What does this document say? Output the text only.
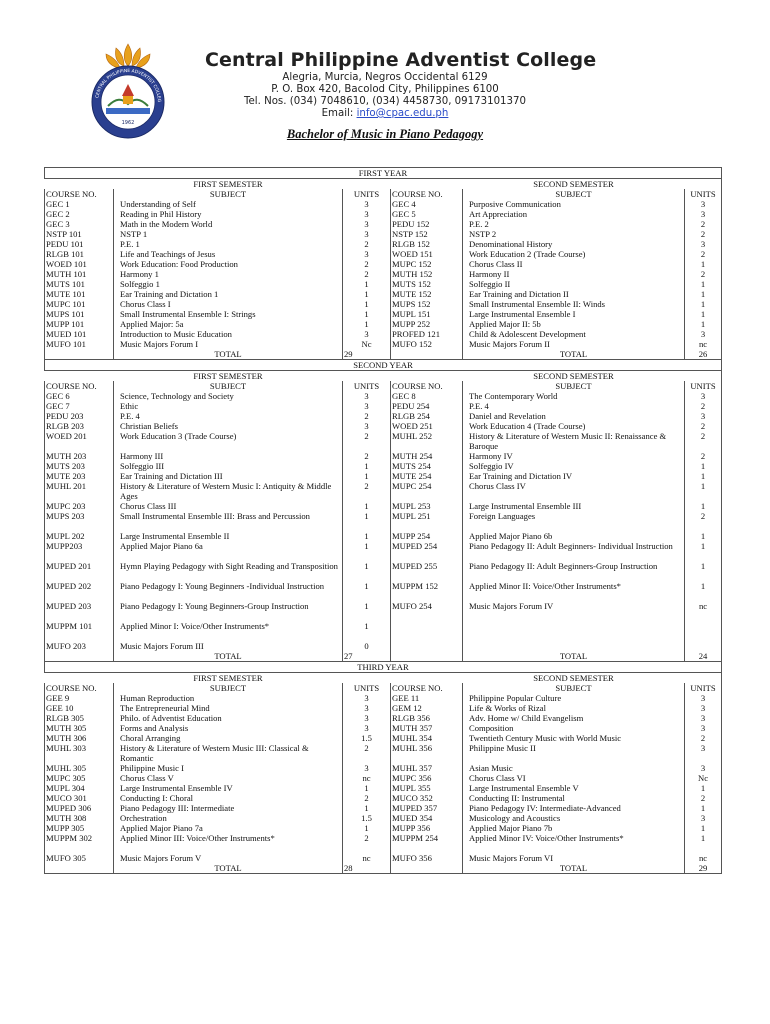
1962
CENTRAL PHILIPPINE ADVENTIST COLLEG
Central Philippine Adventist College
Alegria, Murcia, Negros Occidental 6129
P. O. Box 420, Bacolod City, Philippines 6100
Tel. Nos. (034) 7048610, (034) 4458730, 09173101370
Email: info@cpac.edu.ph
Bachelor of Music in Piano Pedagogy
FIRST YEAR					
	FIRST SEMESTER			SECOND SEMESTER	
COURSE NO.	SUBJECT	UNITS	COURSE NO.	SUBJECT	UNITS
GEC 1	Understanding of Self	3	GEC 4	Purposive Communication	3
GEC 2	Reading in Phil History	3	GEC 5	Art Appreciation	3
GEC 3	Math in the Modern World	3	PEDU 152	P.E. 2	2
NSTP 101	NSTP 1	3	NSTP 152	NSTP 2	2
PEDU 101	P.E. 1	2	RLGB 152	Denominational History	3
RLGB 101	Life and Teachings of Jesus	3	WOED 151	Work Education 2 (Trade Course)	2
WOED 101	Work Education: Food Production	2	MUPC 152	Chorus Class II	1
MUTH 101	Harmony 1	2	MUTH 152	Harmony II	2
MUTS 101	Solfeggio 1	1	MUTS 152	Solfeggio II	1
MUTE 101	Ear Training and Dictation 1	1	MUTE 152	Ear Training and Dictation II	1
MUPC 101	Chorus Class I	1	MUPS 152	Small Instrumental Ensemble II: Winds	1
MUPS 101	Small Instrumental Ensemble I: Strings	1	MUPL 151	Large Instrumental Ensemble I	1
MUPP 101	Applied Major: 5a	1	MUPP 252	Applied Major II: 5b	1
MUED 101	Introduction to Music Education	3	PROFED 121	Child & Adolescent Development	3
MUFO 101	Music Majors Forum I	Nc	MUFO 152	Music Majors Forum II	nc
	TOTAL	29		TOTAL	26
SECOND YEAR					
	FIRST SEMESTER			SECOND SEMESTER	
COURSE NO.	SUBJECT	UNITS	COURSE NO.	SUBJECT	UNITS
GEC 6	Science, Technology and Society	3	GEC 8	The Contemporary World	3
GEC 7	Ethic	3	PEDU 254	P.E. 4	2
PEDU 203	P.E. 4	2	RLGB 254	Daniel and Revelation	3
RLGB 203	Christian Beliefs	3	WOED 251	Work Education 4 (Trade Course)	2
WOED 201	Work Education 3 (Trade Course)	2	MUHL 252	History & Literature of Western Music II: Renaissance & Baroque	2
MUTH 203	Harmony III	2	MUTH 254	Harmony IV	2
MUTS 203	Solfeggio III	1	MUTS 254	Solfeggio IV	1
MUTE 203	Ear Training and Dictation III	1	MUTE 254	Ear Training and Dictation IV	1
MUHL 201	History & Literature of Western Music I: Antiquity & Middle Ages	2	MUPC 254	Chorus Class IV	1
MUPC 203	Chorus Class III	1	MUPL 253	Large Instrumental Ensemble III	1
MUPS 203	Small Instrumental Ensemble III: Brass and Percussion	1	MUPL 251	Foreign Languages	2
MUPL 202	Large Instrumental Ensemble II	1	MUPP 254	Applied Major Piano 6b	1
MUPP203	Applied Major Piano 6a	1	MUPED 254	Piano Pedagogy II: Adult Beginners- Individual Instruction	1
MUPED 201	Hymn Playing Pedagogy with Sight Reading and Transposition	1	MUPED 255	Piano Pedagogy II: Adult Beginners-Group Instruction	1
MUPED 202	Piano Pedagogy I: Young Beginners -Individual Instruction	1	MUPPM 152	Applied Minor II: Voice/Other Instruments*	1
MUPED 203	Piano Pedagogy I: Young Beginners-Group Instruction	1	MUFO 254	Music Majors Forum IV	nc
MUPPM 101	Applied Minor I: Voice/Other Instruments*	1			
MUFO 203	Music Majors Forum III	0			
	TOTAL	27		TOTAL	24
THIRD YEAR					
	FIRST SEMESTER			SECOND SEMESTER	
COURSE NO.	SUBJECT	UNITS	COURSE NO.	SUBJECT	UNITS
GEE 9	Human Reproduction	3	GEE 11	Philippine Popular Culture	3
GEE 10	The Entrepreneurial Mind	3	GEM 12	Life & Works of Rizal	3
RLGB 305	Philo. of Adventist Education	3	RLGB 356	Adv. Home w/ Child Evangelism	3
MUTH 305	Forms and Analysis	3	MUTH 357	Composition	3
MUTH 306	Choral Arranging	1.5	MUHL 354	Twentieth Century Music with World Music	2
MUHL 303	History & Literature of Western Music III: Classical & Romantic	2	MUHL 356	Philippine Music II	3
MUHL 305	Philippine Music I	3	MUHL 357	Asian Music	3
MUPC 305	Chorus Class V	nc	MUPC 356	Chorus Class VI	Nc
MUPL 304	Large Instrumental Ensemble IV	1	MUPL 355	Large Instrumental Ensemble V	1
MUCO 301	Conducting I: Choral	2	MUCO 352	Conducting II: Instrumental	2
MUPED 306	Piano Pedagogy III: Intermediate	1	MUPED 357	Piano Pedagogy IV: Intermediate-Advanced	1
MUTH 308	Orchestration	1.5	MUED 354	Musicology and Acoustics	3
MUPP 305	Applied Major Piano 7a	1	MUPP 356	Applied Major Piano 7b	1
MUPPM 302	Applied Minor III: Voice/Other Instruments*	2	MUPPM 254	Applied Minor IV: Voice/Other Instruments*	1
MUFO 305	Music Majors Forum V	nc	MUFO 356	Music Majors Forum VI	nc
	TOTAL	28		TOTAL	29
